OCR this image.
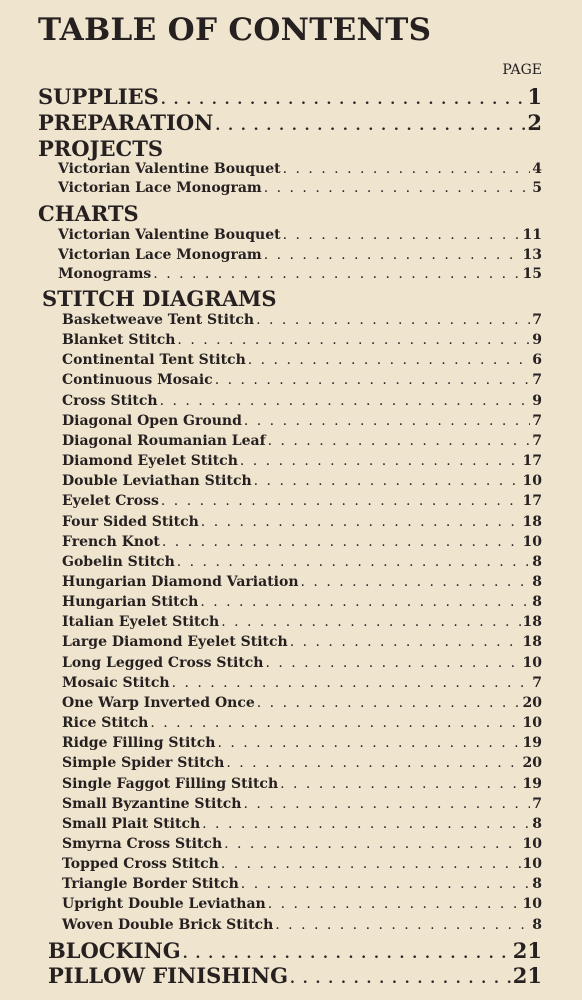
TABLE OF CONTENTS
PAGE
SUPPLIES . . .	1
PREPARATION . . .	2
PROJECTS
Victorian Valentine Bouquet . . .	4
Victorian Lace Monogram . . .	5
CHARTS
Victorian Valentine Bouquet . . .	11
Victorian Lace Monogram . . .	13
Monograms . . .	15
STITCH DIAGRAMS
Basketweave Tent Stitch . . .	7
Blanket Stitch . . .	9
Continental Tent Stitch . . .	6
Continuous Mosaic . . .	7
Cross Stitch . . .	9
Diagonal Open Ground . . .	7
Diagonal Roumanian Leaf . . .	7
Diamond Eyelet Stitch . . .	17
Double Leviathan Stitch . . .	10
Eyelet Cross . . .	17
Four Sided Stitch . . .	18
French Knot . . .	10
Gobelin Stitch . . .	8
Hungarian Diamond Variation . . .	8
Hungarian Stitch . . .	8
Italian Eyelet Stitch . . .	18
Large Diamond Eyelet Stitch . . .	18
Long Legged Cross Stitch . . .	10
Mosaic Stitch . . .	7
One Warp Inverted Once . . .	20
Rice Stitch . . .	10
Ridge Filling Stitch . . .	19
Simple Spider Stitch . . .	20
Single Faggot Filling Stitch . . .	19
Small Byzantine Stitch . . .	7
Small Plait Stitch . . .	8
Smyrna Cross Stitch . . .	10
Topped Cross Stitch . . .	10
Triangle Border Stitch . . .	8
Upright Double Leviathan . . .	10
Woven Double Brick Stitch . . .	8
BLOCKING . . .	21
PILLOW FINISHING . . .	21
